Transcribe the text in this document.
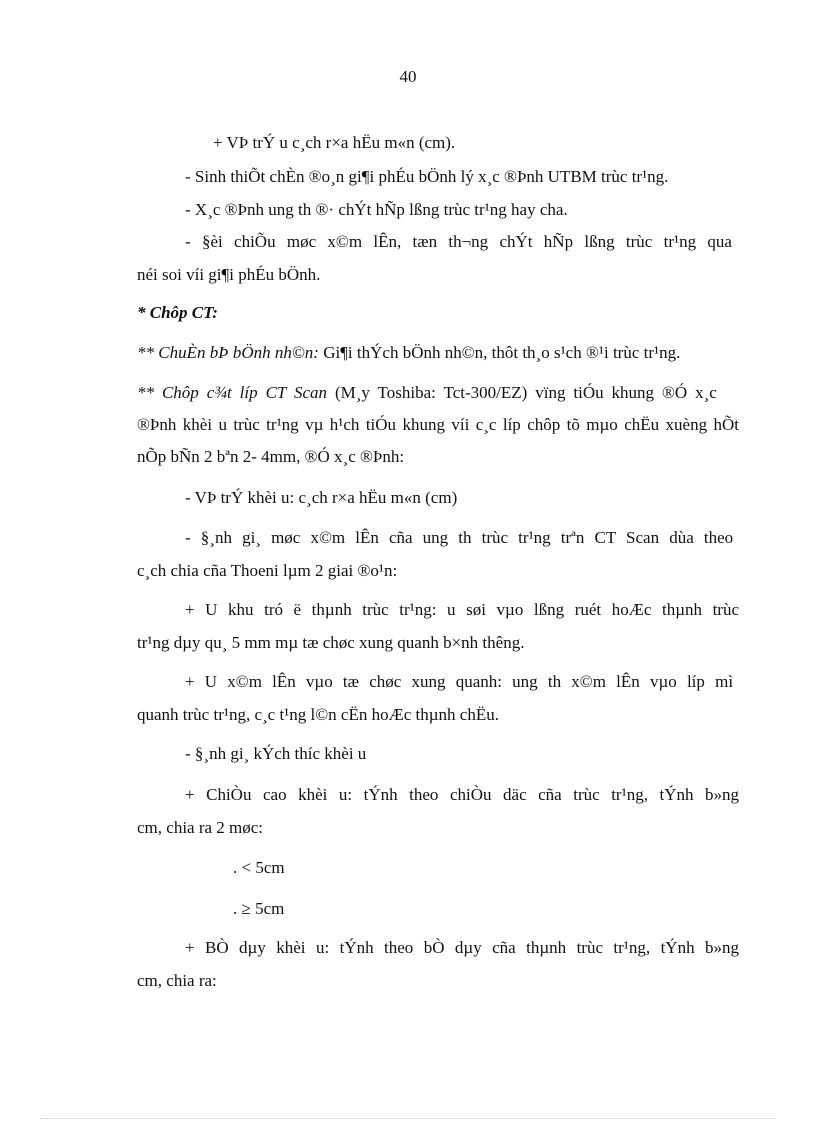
40
+ VÞ trÝ u c¸ch r×a hËu m«n (cm).
- Sinh thiÕt chÈn ®o¸n gi¶i phÉu bÖnh lý x¸c ®Þnh UTBM trùc tr¹ng.
- X¸c ®Þnh ung th ®· chÝt hÑp lßng trùc tr¹ng hay cha.
- §èi chiÕu møc x©m lÊn, tæn th¬ng chÝt hÑp lßng trùc tr¹ng qua
néi soi víi gi¶i phÉu bÖnh.
* Chôp CT:
** ChuÈn bÞ bÖnh nh©n: Gi¶i thÝch bÖnh nh©n, thôt th¸o s¹ch ®¹i trùc tr¹ng.
** Chôp c¾t líp CT Scan (M¸y Toshiba: Tct-300/EZ) vïng tiÓu khung ®Ó x¸c
®Þnh khèi u trùc tr¹ng vµ h¹ch tiÓu khung víi c¸c líp chôp tõ mµo chËu xuèng hÕt
nÕp bÑn 2 bªn 2- 4mm, ®Ó x¸c ®Þnh:
- VÞ trÝ khèi u: c¸ch r×a hËu m«n (cm)
- §¸nh gi¸ møc x©m lÊn cña ung th trùc tr¹ng trªn CT Scan dùa theo
c¸ch chia cña Thoeni lµm 2 giai ®o¹n:
+ U khu tró ë thµnh trùc tr¹ng: u søi vµo lßng ruét hoÆc thµnh trùc
tr¹ng dµy qu¸ 5 mm mµ tæ chøc xung quanh b×nh thêng.
+ U x©m lÊn vµo tæ chøc xung quanh: ung th x©m lÊn vµo líp mì
quanh trùc tr¹ng, c¸c t¹ng l©n cËn hoÆc thµnh chËu.
- §¸nh gi¸ kÝch thíc khèi u
+ ChiÒu cao khèi u: tÝnh theo chiÒu däc cña trùc tr¹ng, tÝnh b»ng
cm, chia ra 2 møc:
. < 5cm
. ≥ 5cm
+ BÒ dµy khèi u: tÝnh theo bÒ dµy cña thµnh trùc tr¹ng, tÝnh b»ng
cm, chia ra:
